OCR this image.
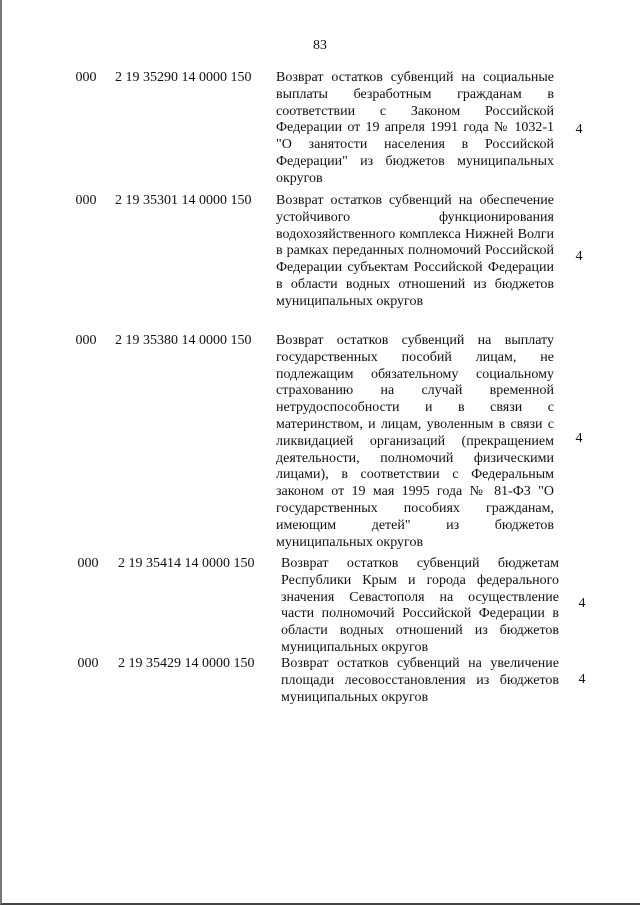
83
000	2 19 35290 14 0000 150 Возврат остатков субвенций на социальные выплаты безработным гражданам в соответствии с Законом Российской Федерации от 19 апреля 1991 года № 1032-1 "О занятости населения в Российской Федерации" из бюджетов муниципальных округов
4
000	2 19 35301 14 0000 150 Возврат остатков субвенций на обеспечение устойчивого функционирования водохозяйственного комплекса Нижней Волги в рамках переданных полномочий Российской Федерации субъектам Российской Федерации в области водных отношений из бюджетов муниципальных округов
4
000	2 19 35380 14 0000 150 Возврат остатков субвенций на выплату государственных пособий лицам, не подлежащим обязательному социальному страхованию на случай временной нетрудоспособности и в связи с материнством, и лицам, уволенным в связи с ликвидацией организаций (прекращением деятельности, полномочий физическими лицами), в соответствии с Федеральным законом от 19 мая 1995 года № 81-ФЗ "О государственных пособиях гражданам, имеющим детей" из бюджетов муниципальных округов
4
000	2 19 35414 14 0000 150 Возврат остатков субвенций бюджетам Республики Крым и города федерального значения Севастополя на осуществление части полномочий Российской Федерации в области водных отношений из бюджетов муниципальных округов
4
000	2 19 35429 14 0000 150 Возврат остатков субвенций на увеличение площади лесовосстановления из бюджетов муниципальных округов
4
